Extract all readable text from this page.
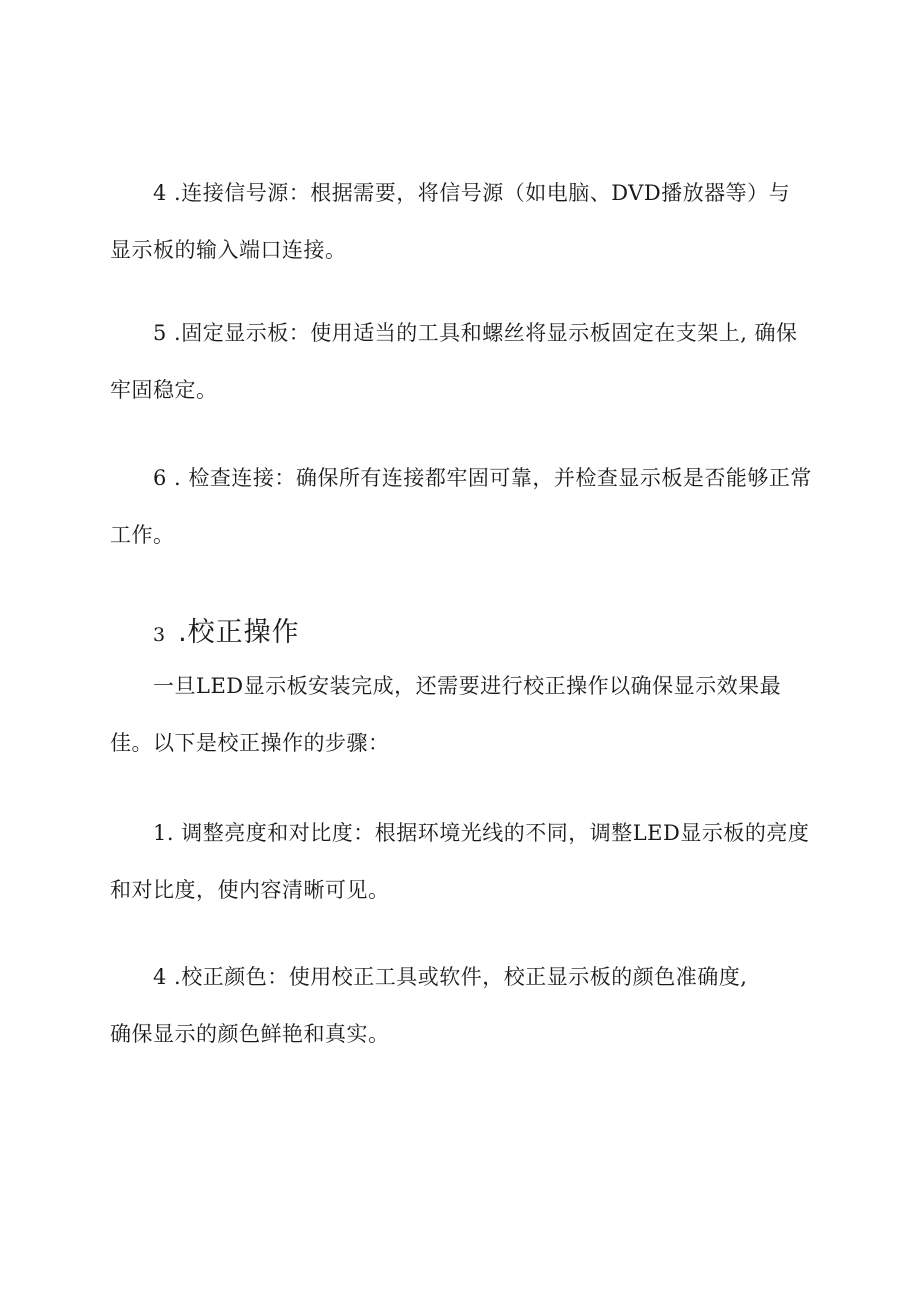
4 .连接信号源：根据需要，将信号源（如电脑、DVD播放器等）与
显示板的输入端口连接。

5 .固定显示板：使用适当的工具和螺丝将显示板固定在支架上, 确保
牢固稳定。

6 . 检查连接：确保所有连接都牢固可靠，并检查显示板是否能够正常
工作。

3 .校正操作

一旦LED显示板安装完成，还需要进行校正操作以确保显示效果最
佳。以下是校正操作的步骤：

1. 调整亮度和对比度：根据环境光线的不同，调整LED显示板的亮度
和对比度，使内容清晰可见。

4 .校正颜色：使用校正工具或软件，校正显示板的颜色准确度,
确保显示的颜色鲜艳和真实。
